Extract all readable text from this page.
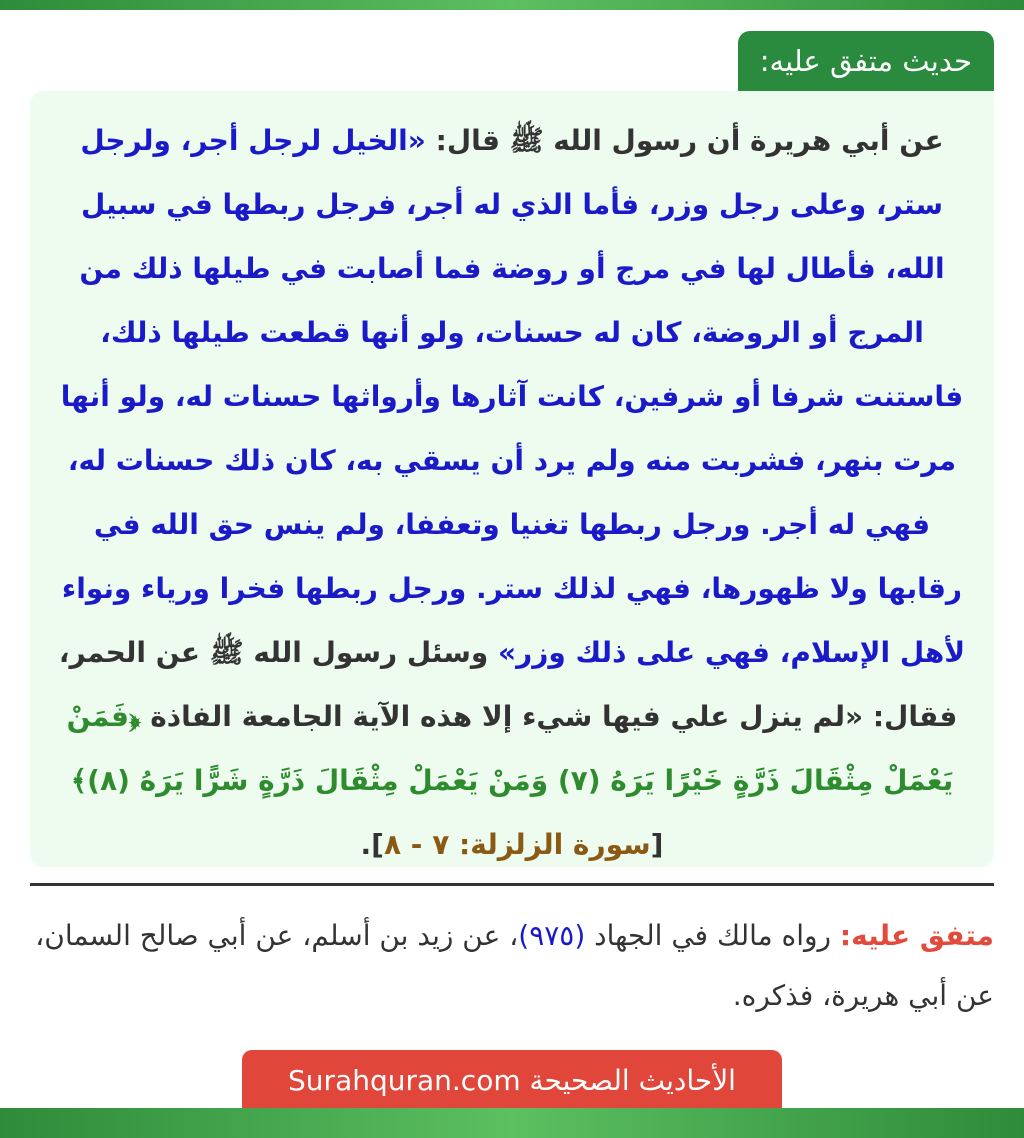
حديث متفق عليه:
عن أبي هريرة أن رسول الله ﷺ قال: «الخيل لرجل أجر، ولرجل ستر، وعلى رجل وزر، فأما الذي له أجر، فرجل ربطها في سبيل الله، فأطال لها في مرج أو روضة فما أصابت في طيلها ذلك من المرج أو الروضة، كان له حسنات، ولو أنها قطعت طيلها ذلك، فاستنت شرفا أو شرفين، كانت آثارها وأرواثها حسنات له، ولو أنها مرت بنهر، فشربت منه ولم يرد أن يسقي به، كان ذلك حسنات له، فهي له أجر. ورجل ربطها تغنيا وتعففا، ولم ينس حق الله في رقابها ولا ظهورها، فهي لذلك ستر. ورجل ربطها فخرا ورياء ونواء لأهل الإسلام، فهي على ذلك وزر» وسئل رسول الله ﷺ عن الحمر، فقال: «لم ينزل علي فيها شيء إلا هذه الآية الجامعة الفاذة ﴿فَمَنْ يَعْمَلْ مِثْقَالَ ذَرَّةٍ خَيْرًا يَرَهُ (٧) وَمَنْ يَعْمَلْ مِثْقَالَ ذَرَّةٍ شَرًّا يَرَهُ (٨)﴾ [سورة الزلزلة: ٧ - ٨].
متفق عليه: رواه مالك في الجهاد (٩٧٥)، عن زيد بن أسلم، عن أبي صالح السمان، عن أبي هريرة، فذكره.
الأحاديث الصحيحة Surahquran.com
